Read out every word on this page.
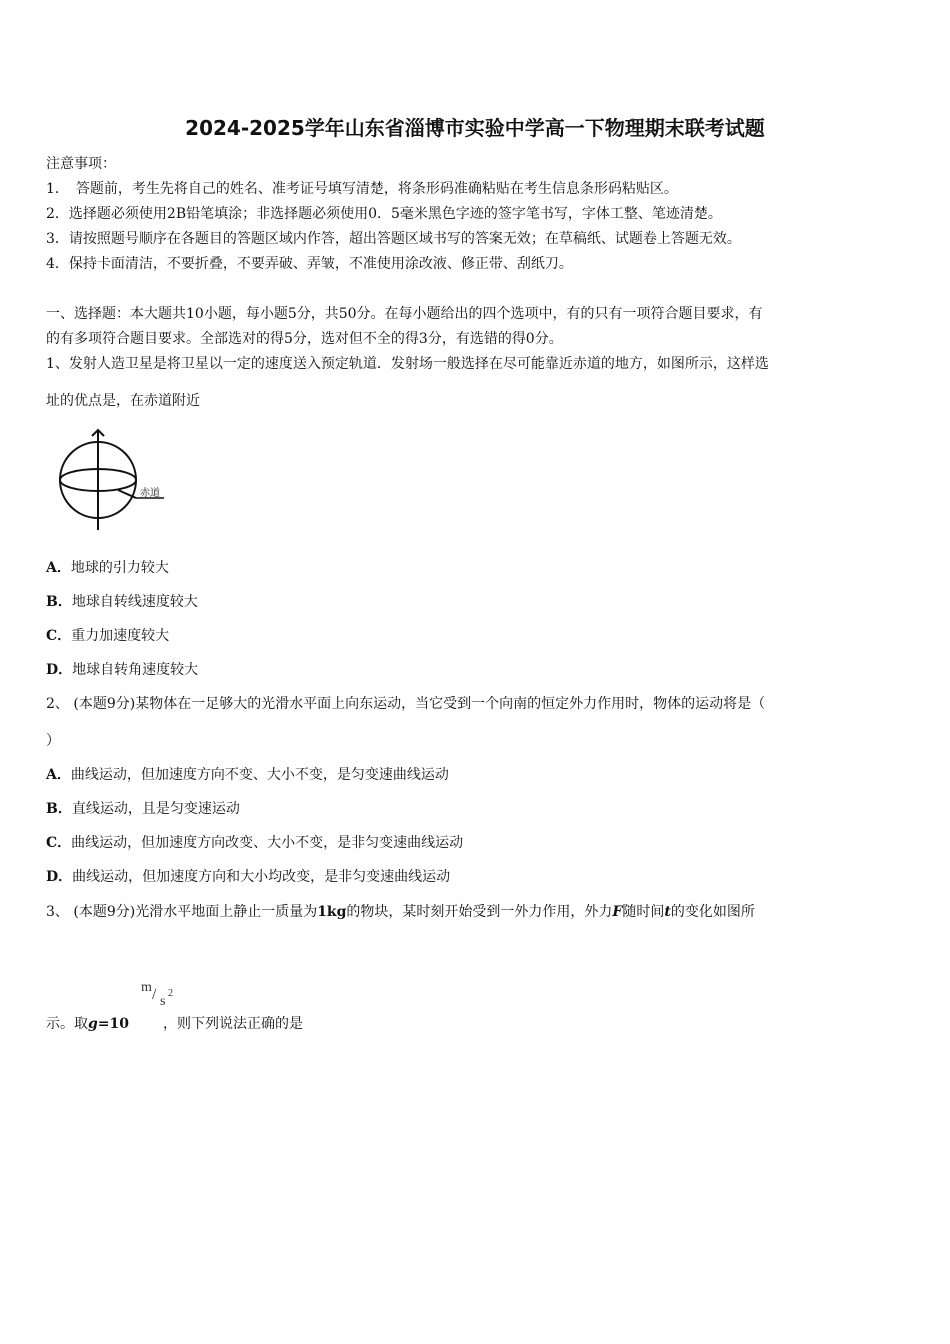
2024-2025学年山东省淄博市实验中学高一下物理期末联考试题
注意事项：
1．　答题前，考生先将自己的姓名、准考证号填写清楚，将条形码准确粘贴在考生信息条形码粘贴区。
2．选择题必须使用2B铅笔填涂；非选择题必须使用0．5毫米黑色字迹的签字笔书写，字体工整、笔迹清楚。
3．请按照题号顺序在各题目的答题区域内作答，超出答题区域书写的答案无效；在草稿纸、试题卷上答题无效。
4．保持卡面清洁，不要折叠，不要弄破、弄皱，不准使用涂改液、修正带、刮纸刀。
一、选择题：本大题共10小题，每小题5分，共50分。在每小题给出的四个选项中，有的只有一项符合题目要求，有
的有多项符合题目要求。全部选对的得5分，选对但不全的得3分，有选错的得0分。
1、发射人造卫星是将卫星以一定的速度送入预定轨道．发射场一般选择在尽可能靠近赤道的地方，如图所示，这样选
址的优点是，在赤道附近
赤道
A．地球的引力较大
B．地球自转线速度较大
C．重力加速度较大
D．地球自转角速度较大
2、 (本题9分)某物体在一足够大的光滑水平面上向东运动，当它受到一个向南的恒定外力作用时，物体的运动将是（
）
A．曲线运动，但加速度方向不变、大小不变，是匀变速曲线运动
B．直线运动，且是匀变速运动
C．曲线运动，但加速度方向改变、大小不变，是非匀变速曲线运动
D．曲线运动，但加速度方向和大小均改变，是非匀变速曲线运动
3、 (本题9分)光滑水平地面上静止一质量为1kg的物块，某时刻开始受到一外力作用，外力F随时间t的变化如图所
示。取g=10 ，则下列说法正确的是
m / s
2
